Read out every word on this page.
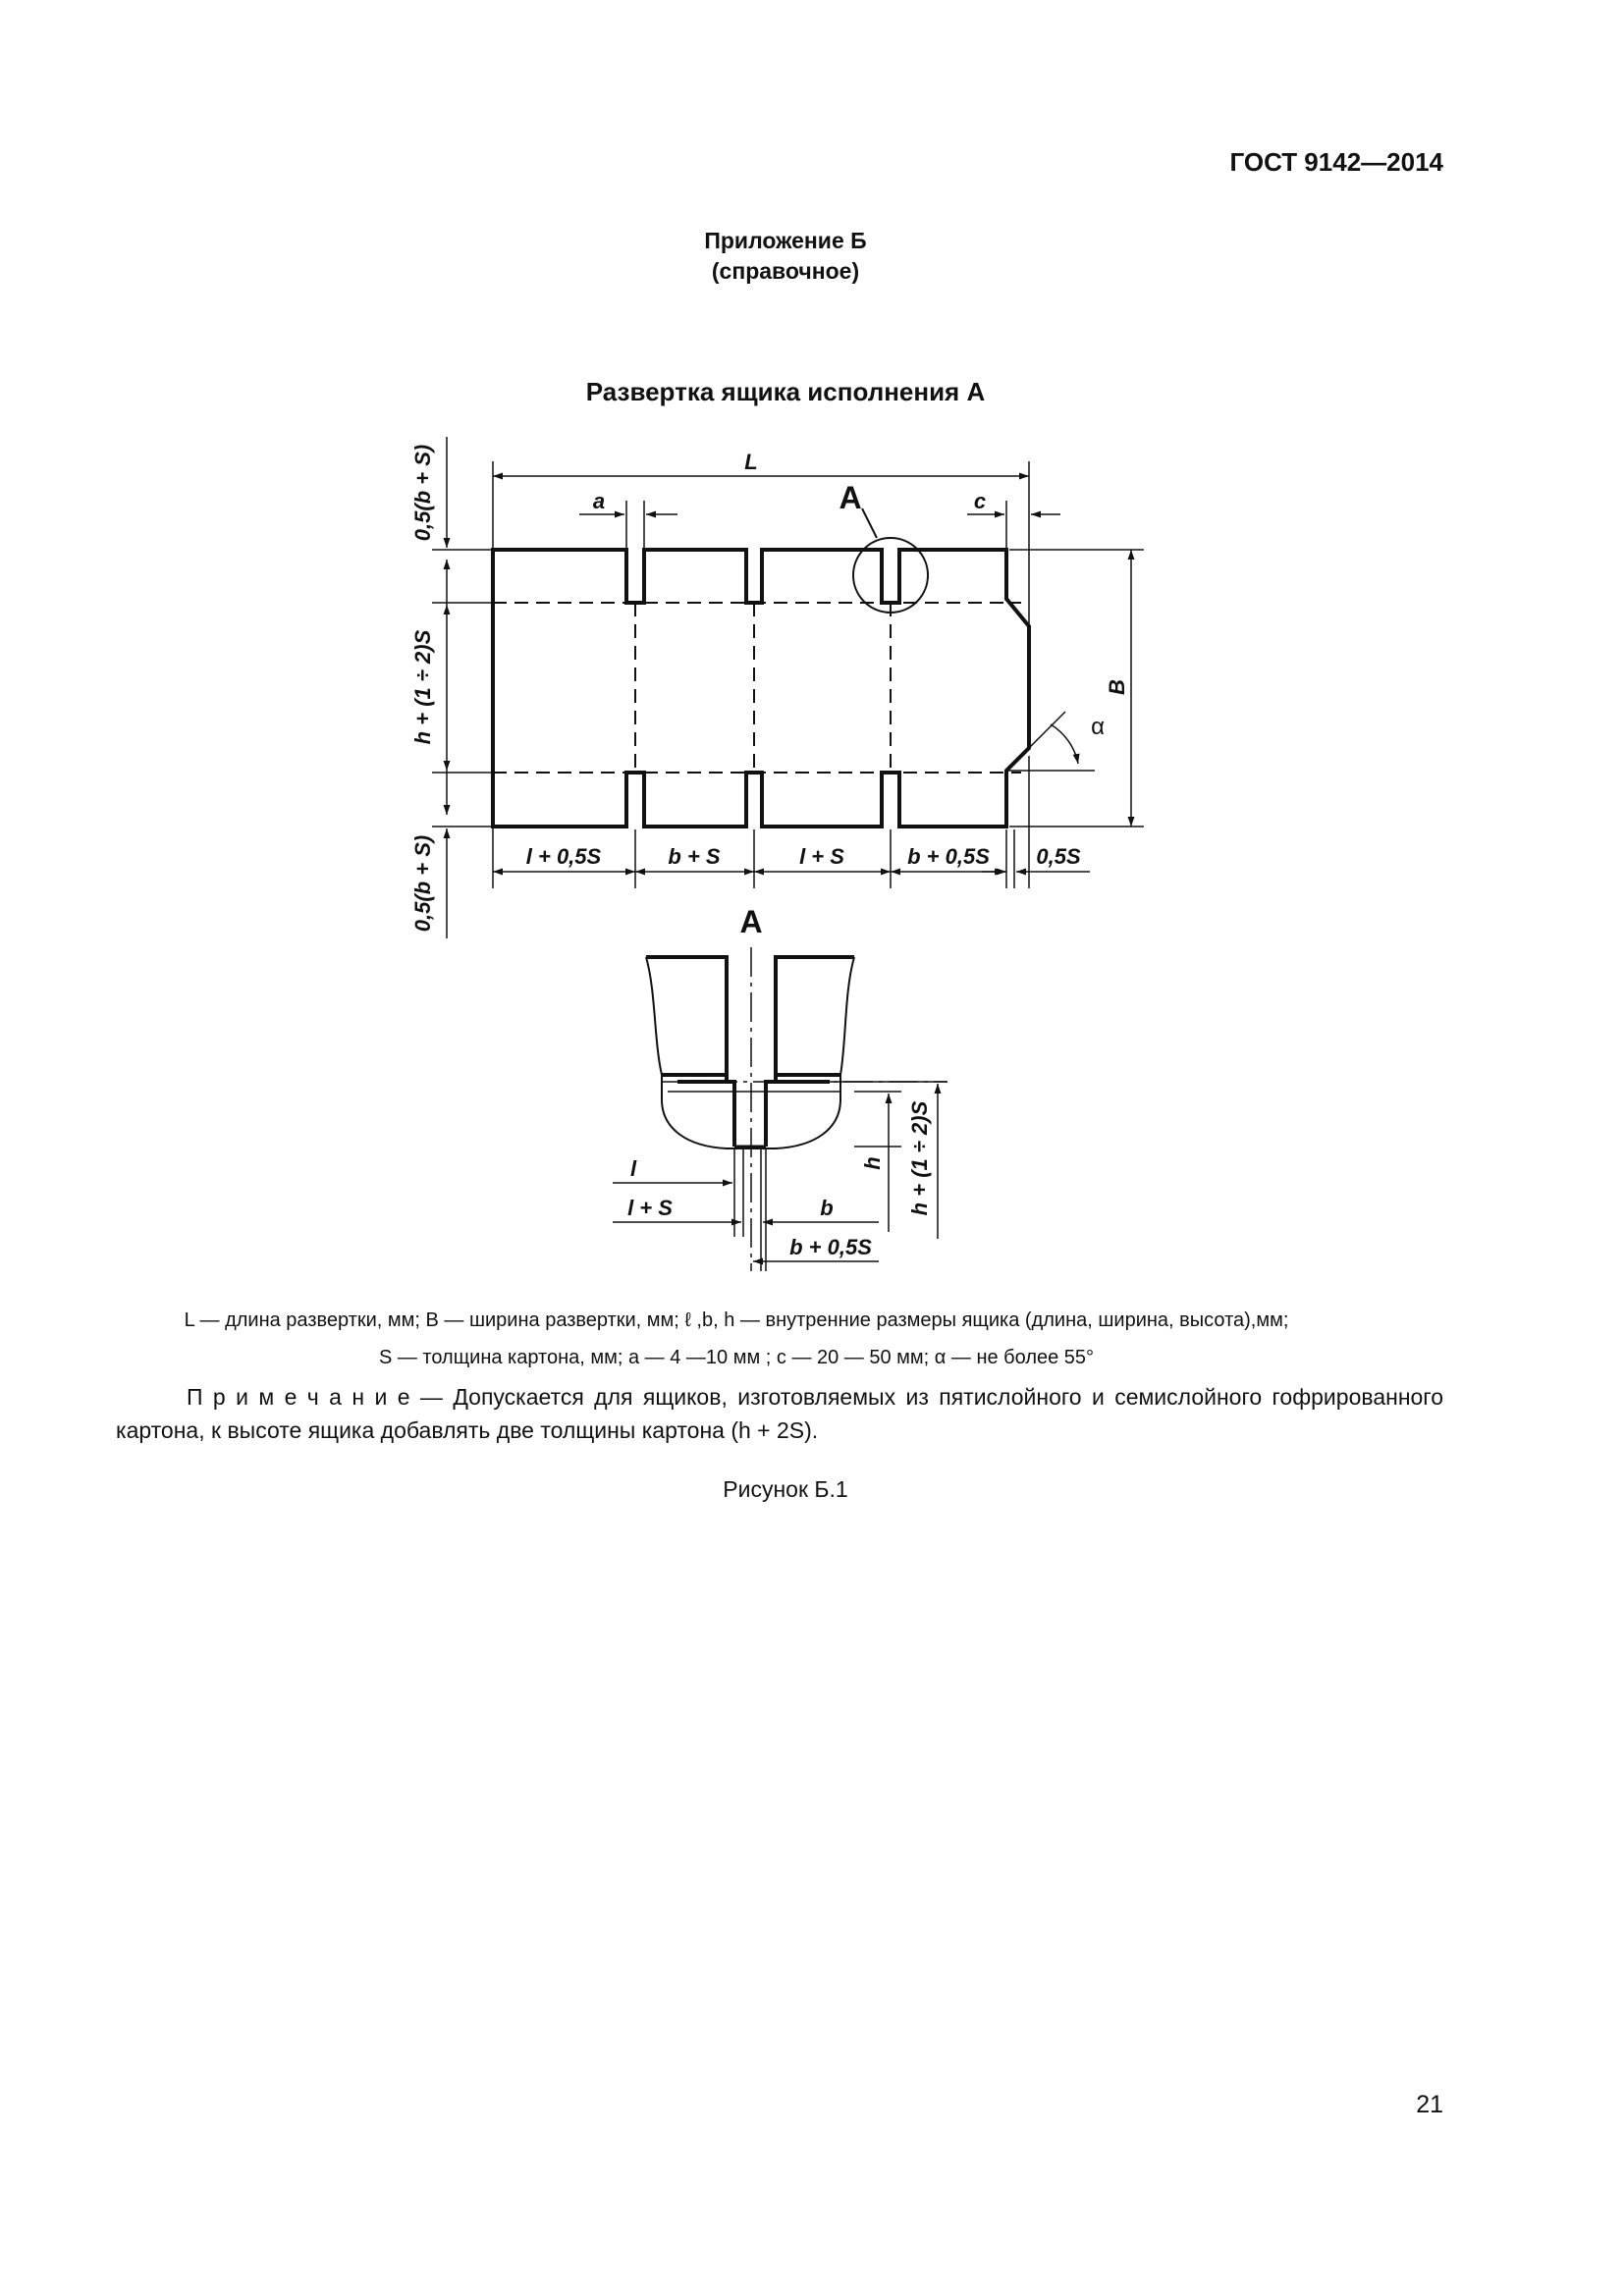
ГОСТ 9142—2014
Приложение Б
(справочное)
Развертка ящика исполнения А
L
a	c
B
0,5(b + S)
h + (1 ÷ 2)S
0,5(b + S)	l + 0,5S	b + S	l + S	b + 0,5S 0,5S
А
α
А
l
l + S	b
b + 0,5S
h h + (1 ÷ 2)S
L — длина развертки, мм; B — ширина развертки, мм; ℓ ,b, h — внутренние размеры ящика (длина, ширина, высота),мм;
S — толщина картона, мм; a — 4 —10 мм ; c — 20 — 50 мм; α — не более 55°
П р и м е ч а н и е — Допускается для ящиков, изготовляемых из пятислойного и семислойного гофрированного картона, к высоте ящика добавлять две толщины картона (h + 2S).
Рисунок Б.1
21
